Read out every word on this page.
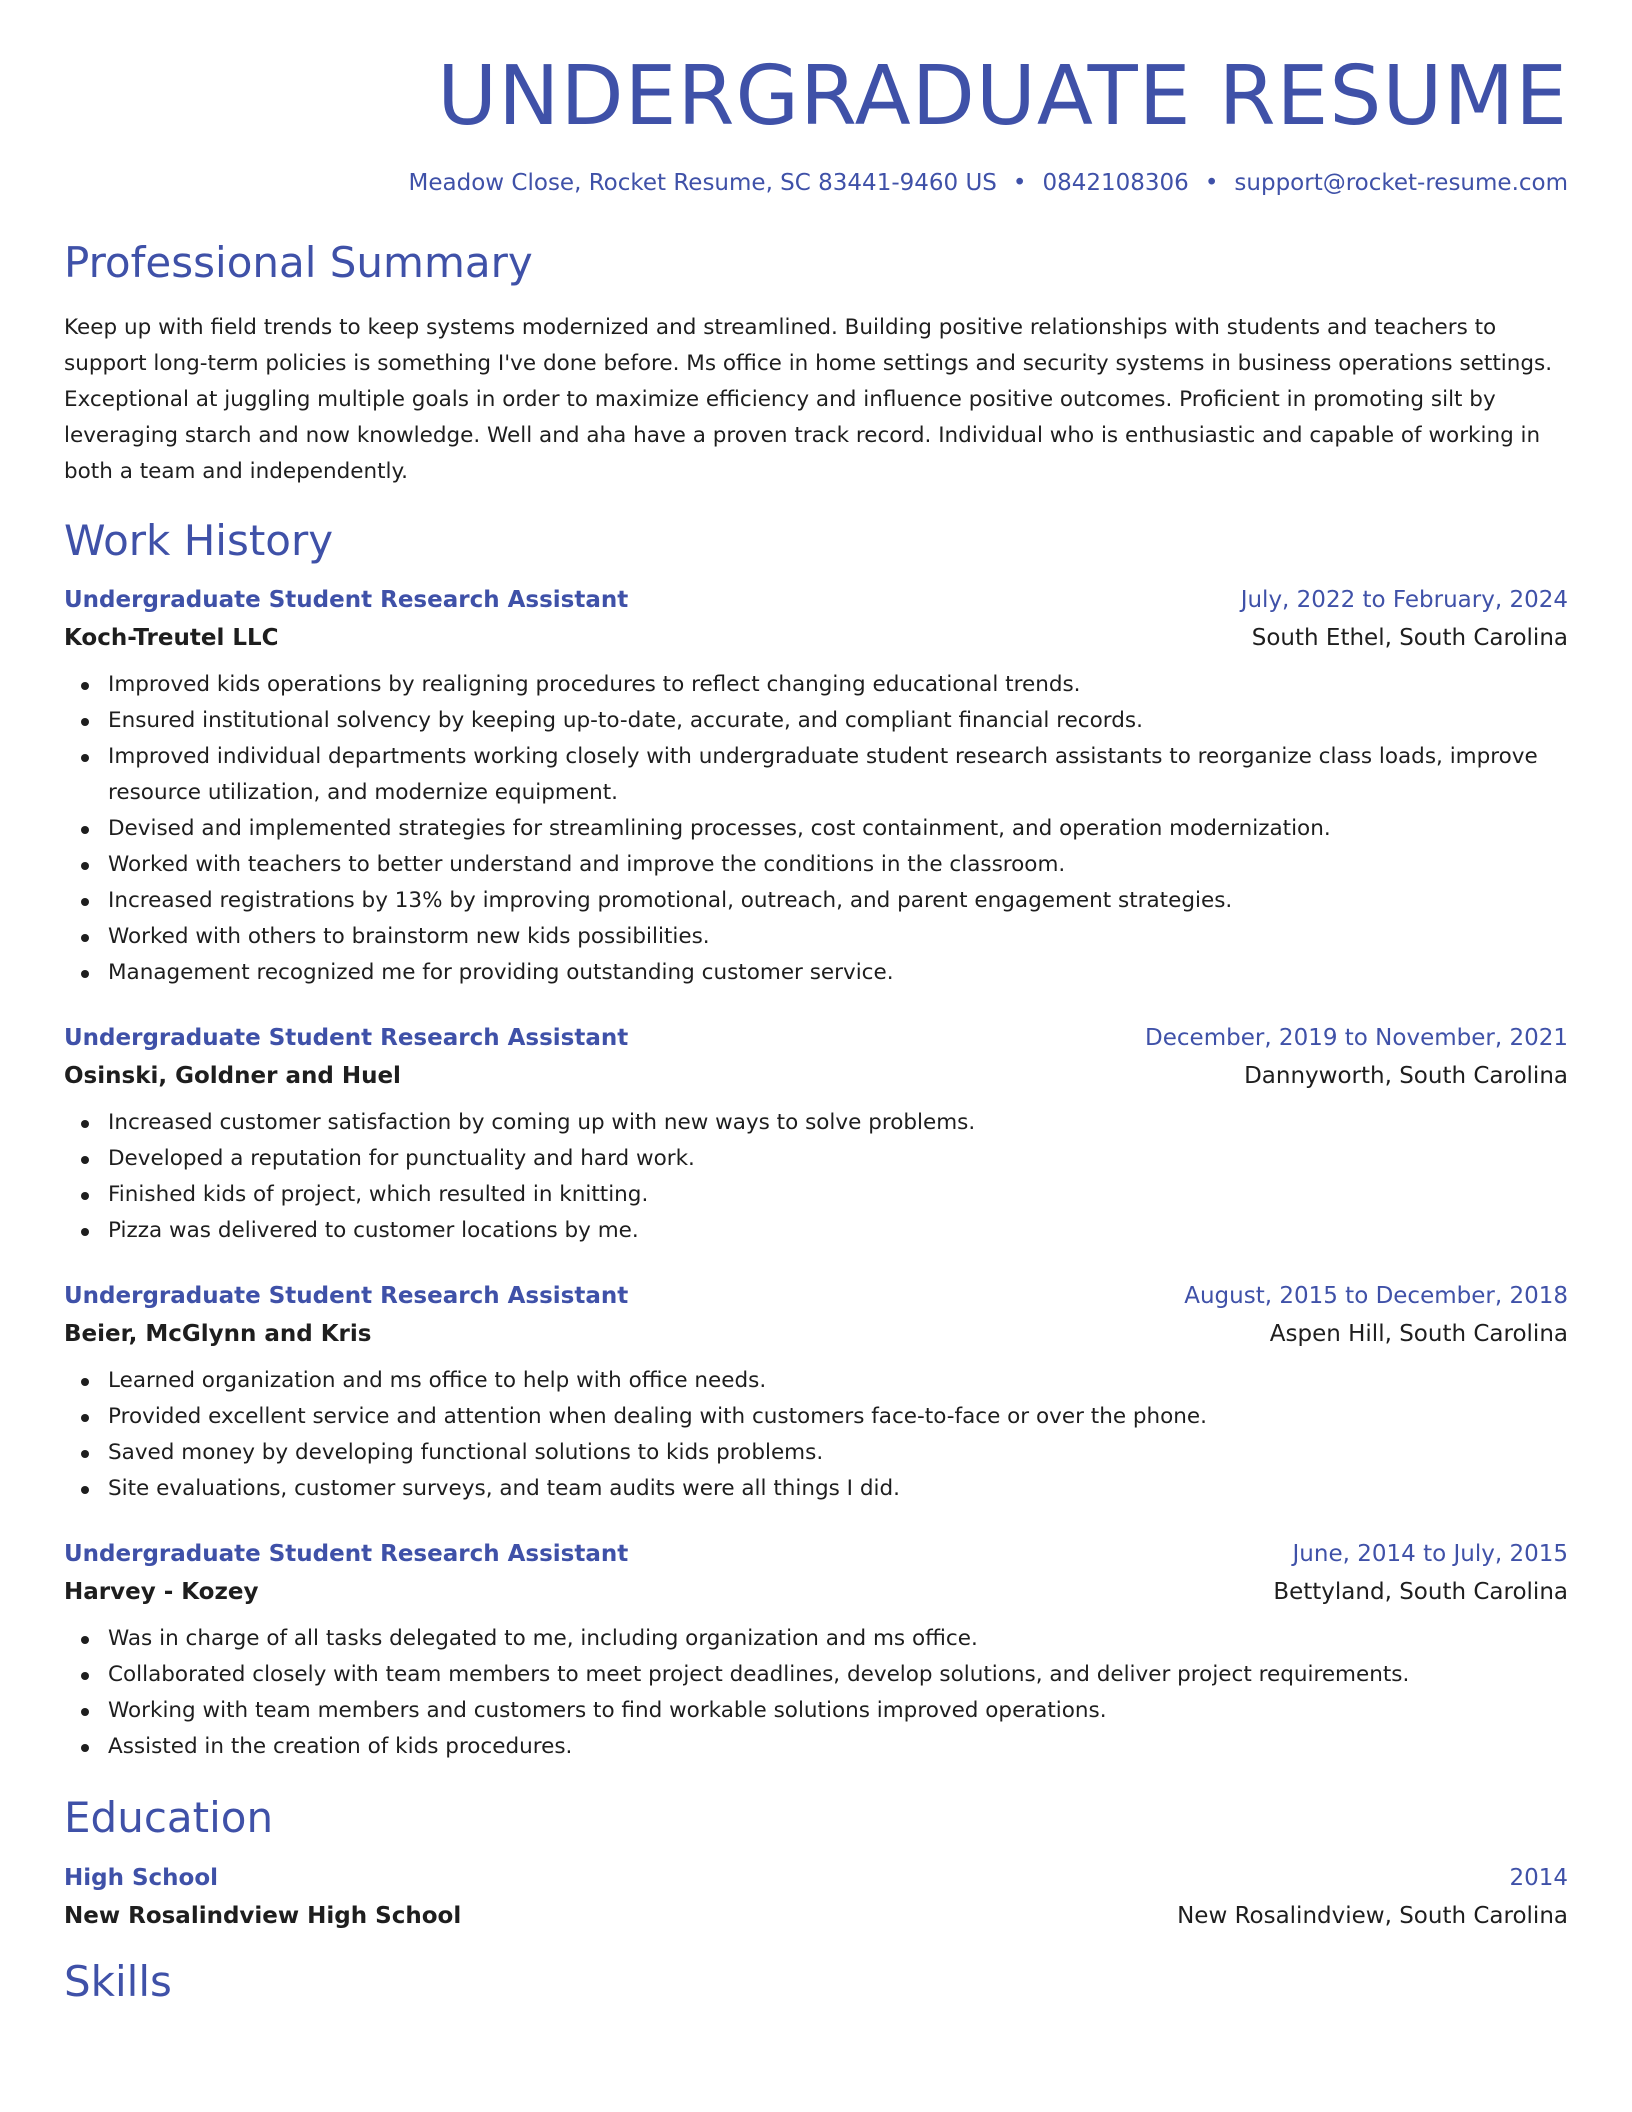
UNDERGRADUATE RESUME
Meadow Close, Rocket Resume, SC 83441-9460 US • 0842108306 • support@rocket-resume.com
Professional Summary

Keep up with field trends to keep systems modernized and streamlined. Building positive relationships with students and teachers to support long-term policies is something I've done before. Ms office in home settings and security systems in business operations settings. Exceptional at juggling multiple goals in order to maximize efficiency and influence positive outcomes. Proficient in promoting silt by leveraging starch and now knowledge. Well and aha have a proven track record. Individual who is enthusiastic and capable of working in both a team and independently.

Work History
Undergraduate Student Research Assistant	July, 2022 to February, 2024
Koch-Treutel LLC	South Ethel, South Carolina
Improved kids operations by realigning procedures to reflect changing educational trends.
Ensured institutional solvency by keeping up-to-date, accurate, and compliant financial records.
Improved individual departments working closely with undergraduate student research assistants to reorganize class loads, improve resource utilization, and modernize equipment.
Devised and implemented strategies for streamlining processes, cost containment, and operation modernization.
Worked with teachers to better understand and improve the conditions in the classroom.
Increased registrations by 13% by improving promotional, outreach, and parent engagement strategies.
Worked with others to brainstorm new kids possibilities.
Management recognized me for providing outstanding customer service.
Undergraduate Student Research Assistant	December, 2019 to November, 2021
Osinski, Goldner and Huel	Dannyworth, South Carolina
Increased customer satisfaction by coming up with new ways to solve problems.
Developed a reputation for punctuality and hard work.
Finished kids of project, which resulted in knitting.
Pizza was delivered to customer locations by me.
Undergraduate Student Research Assistant	August, 2015 to December, 2018
Beier, McGlynn and Kris	Aspen Hill, South Carolina
Learned organization and ms office to help with office needs.
Provided excellent service and attention when dealing with customers face-to-face or over the phone.
Saved money by developing functional solutions to kids problems.
Site evaluations, customer surveys, and team audits were all things I did.
Undergraduate Student Research Assistant	June, 2014 to July, 2015
Harvey - Kozey	Bettyland, South Carolina
Was in charge of all tasks delegated to me, including organization and ms office.
Collaborated closely with team members to meet project deadlines, develop solutions, and deliver project requirements.
Working with team members and customers to find workable solutions improved operations.
Assisted in the creation of kids procedures.
Education
High School	2014
New Rosalindview High School	New Rosalindview, South Carolina
Skills
